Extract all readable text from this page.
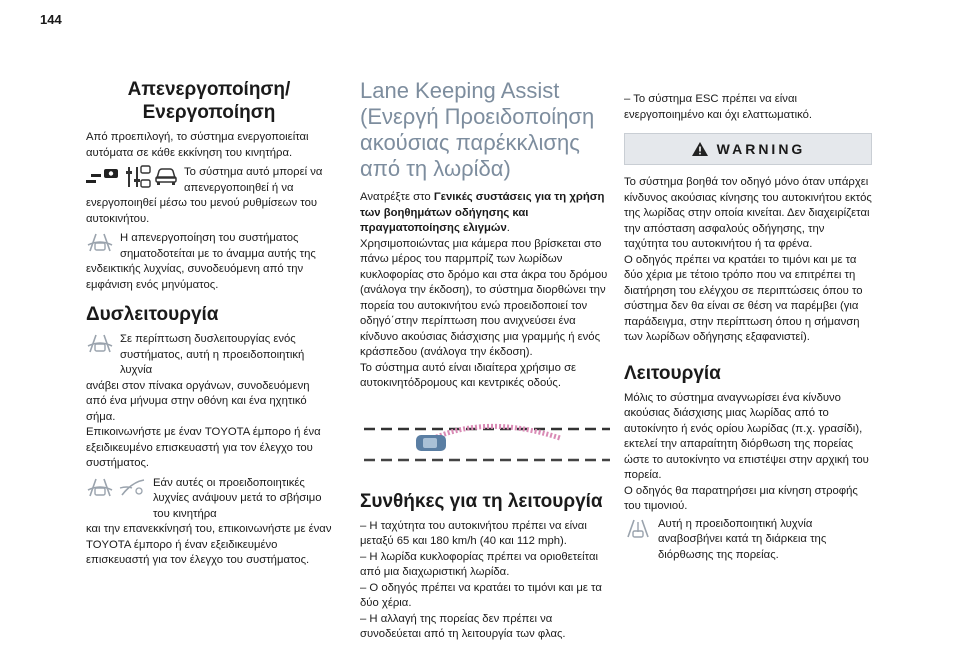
144
Απενεργοποίηση/ Ενεργοποίηση

Από προεπιλογή, το σύστημα ενεργοποιείται αυτόματα σε κάθε εκκίνηση του κινητήρα.

Το σύστημα αυτό μπορεί να απενεργοποιηθεί ή να

ενεργοποιηθεί μέσω του μενού ρυθμίσεων του αυτοκινήτου.

Η απενεργοποίηση του συστήματος σηματοδοτείται με το άναμμα αυτής της

ενδεικτικής λυχνίας, συνοδευόμενη από την εμφάνιση ενός μηνύματος.

Δυσλειτουργία

Σε περίπτωση δυσλειτουργίας ενός συστήματος, αυτή η προειδοποιητική λυχνία

ανάβει στον πίνακα οργάνων, συνοδευόμενη από ένα μήνυμα στην οθόνη και ένα ηχητικό σήμα.

Επικοινωνήστε με έναν TOYOTA έμπορο ή ένα εξειδικευμένο επισκευαστή για τον έλεγχο του συστήματος.

Εάν αυτές οι προειδοποιητικές λυχνίες ανάψουν μετά το σβήσιμο του κινητήρα

και την επανεκκίνησή του, επικοινωνήστε με έναν TOYOTA έμπορο ή έναν εξειδικευμένο επισκευαστή για τον έλεγχο του συστήματος.

Lane Keeping Assist (Ενεργή Προειδοποίηση ακούσιας παρέκκλισης από τη λωρίδα)

Ανατρέξτε στο Γενικές συστάσεις για τη χρήση των βοηθημάτων οδήγησης και πραγματοποίησης ελιγμών.

Χρησιμοποιώντας μια κάμερα που βρίσκεται στο πάνω μέρος του παρμπρίζ των λωρίδων κυκλοφορίας στο δρόμο και στα άκρα του δρόμου (ανάλογα την έκδοση), το σύστημα διορθώνει την πορεία του αυτοκινήτου ενώ προειδοποιεί τον οδηγό΄στην περίπτωση που ανιχνεύσει ένα κίνδυνο ακούσιας διάσχισης μια γραμμής ή ενός κράσπεδου (ανάλογα την έκδοση).

Το σύστημα αυτό είναι ιδιαίτερα χρήσιμο σε αυτοκινητόδρομους και κεντρικές οδούς.

Συνθήκες για τη λειτουργία

– Η ταχύτητα του αυτοκινήτου πρέπει να είναι μεταξύ 65 και 180 km/h (40 και 112 mph).

– Η λωρίδα κυκλοφορίας πρέπει να οριοθετείται από μια διαχωριστική λωρίδα.

– Ο οδηγός πρέπει να κρατάει το τιμόνι και με τα δύο χέρια.

– Η αλλαγή της πορείας δεν πρέπει να συνοδεύεται από τη λειτουργία των φλας.

– Το σύστημα ESC πρέπει να είναι ενεργοποιημένο και όχι ελαττωματικό.

WARNING

Το σύστημα βοηθά τον οδηγό μόνο όταν υπάρχει κίνδυνος ακούσιας κίνησης του αυτοκινήτου εκτός της λωρίδας στην οποία κινείται. Δεν διαχειρίζεται την απόσταση ασφαλούς οδήγησης, την ταχύτητα του αυτοκινήτου ή τα φρένα.

Ο οδηγός πρέπει να κρατάει το τιμόνι και με τα δύο χέρια με τέτοιο τρόπο που να επιτρέπει τη διατήρηση του ελέγχου σε περιπτώσεις όπου το σύστημα δεν θα είναι σε θέση να παρέμβει (για παράδειγμα, στην περίπτωση όπου η σήμανση των λωρίδων οδήγησης εξαφανιστεί).

Λειτουργία

Μόλις το σύστημα αναγνωρίσει ένα κίνδυνο ακούσιας διάσχισης μιας λωρίδας από το αυτοκίνητο ή ενός ορίου λωρίδας (π.χ. γρασίδι), εκτελεί την απαραίτητη διόρθωση της πορείας ώστε το αυτοκίνητο να επιστέψει στην αρχική του πορεία.

Ο οδηγός θα παρατηρήσει μια κίνηση στροφής του τιμονιού.

Αυτή η προειδοποιητική λυχνία αναβοσβήνει κατά τη διάρκεια της διόρθωσης της πορείας.
